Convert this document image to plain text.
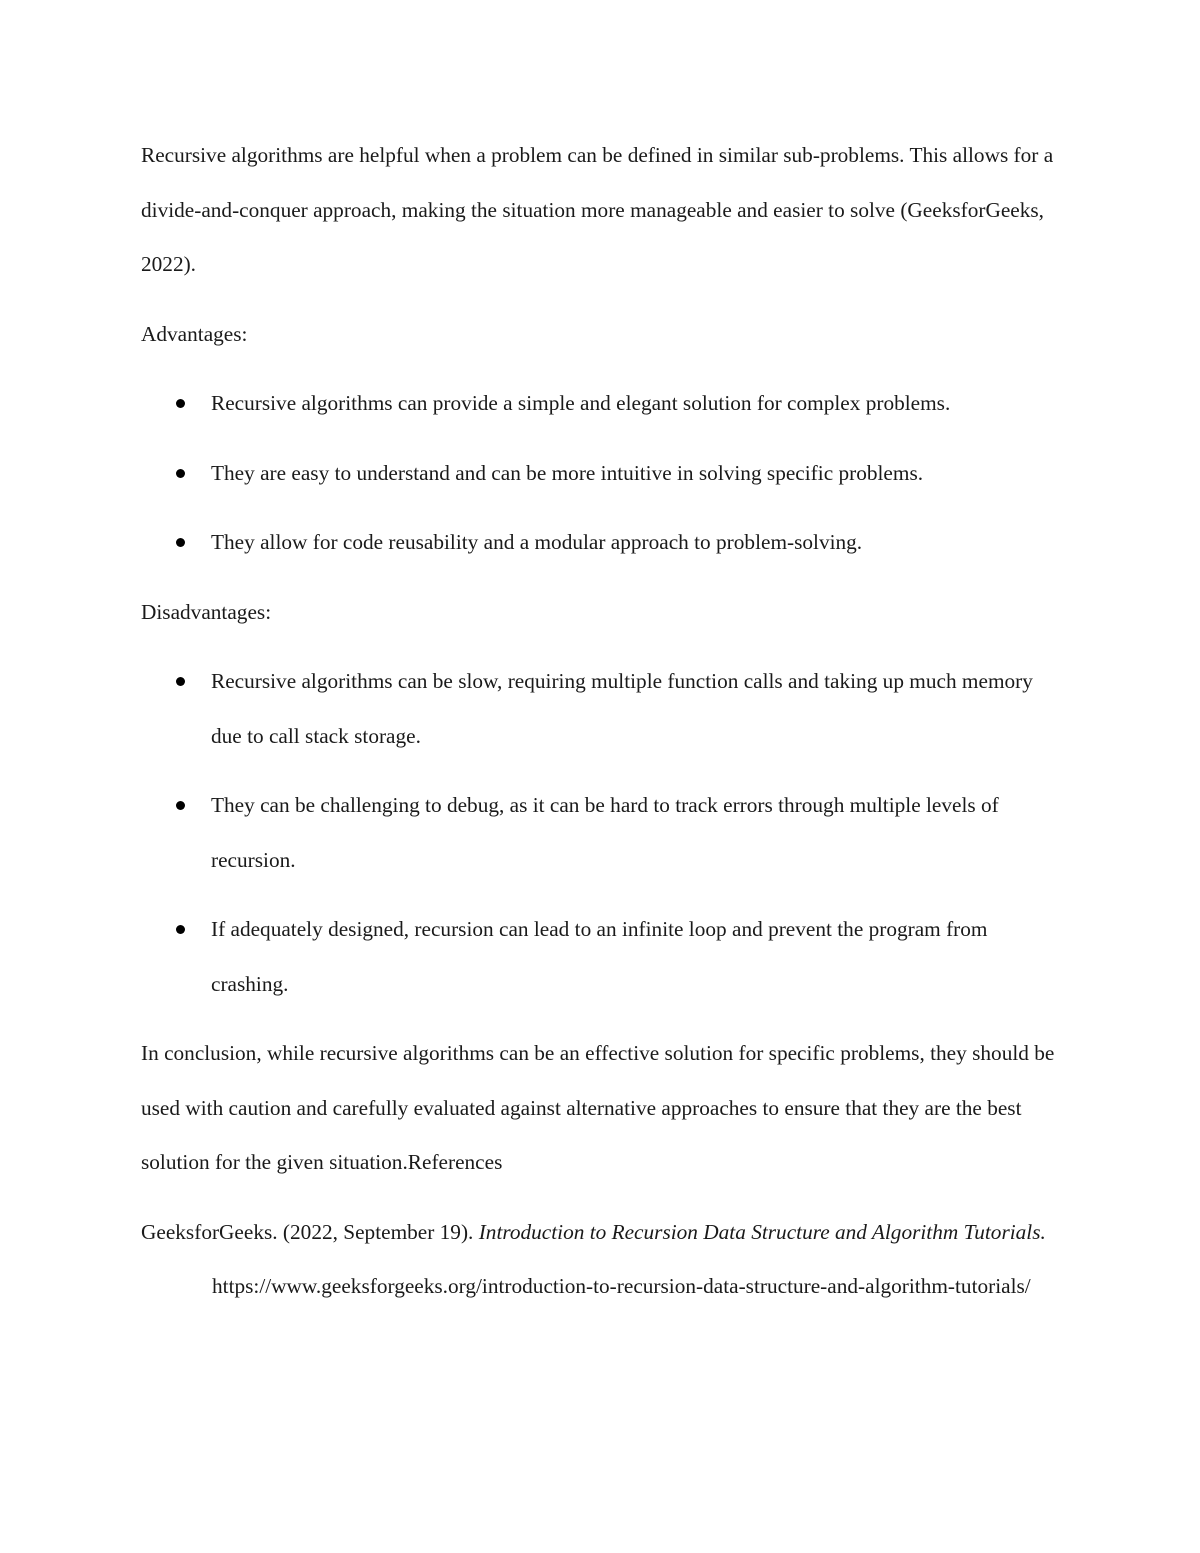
Recursive algorithms are helpful when a problem can be defined in similar sub-problems. This allows for a divide-and-conquer approach, making the situation more manageable and easier to solve (GeeksforGeeks, 2022).

Advantages:

Recursive algorithms can provide a simple and elegant solution for complex problems.
They are easy to understand and can be more intuitive in solving specific problems.
They allow for code reusability and a modular approach to problem-solving.

Disadvantages:

Recursive algorithms can be slow, requiring multiple function calls and taking up much memory due to call stack storage.
They can be challenging to debug, as it can be hard to track errors through multiple levels of recursion.
If adequately designed, recursion can lead to an infinite loop and prevent the program from crashing.

In conclusion, while recursive algorithms can be an effective solution for specific problems, they should be used with caution and carefully evaluated against alternative approaches to ensure that they are the best solution for the given situation.References

GeeksforGeeks. (2022, September 19). Introduction to Recursion Data Structure and Algorithm Tutorials. https://www.geeksforgeeks.org/introduction-to-recursion-data-structure-and-algorithm-tutorials/
